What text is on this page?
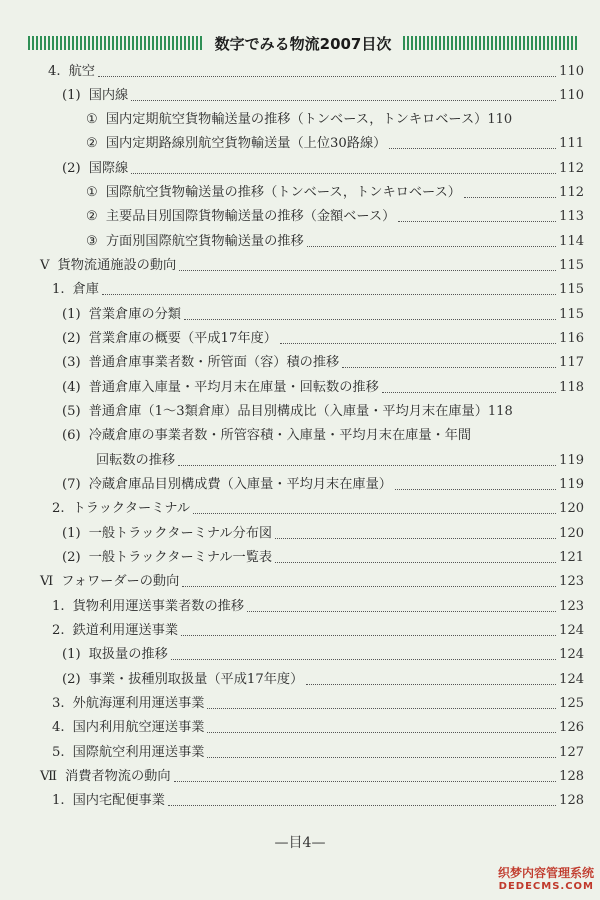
数字でみる物流2007目次
4. 航空	110
(1) 国内線	110
① 国内定期航空貨物輸送量の推移（トンベース，トンキロベース） 110
② 国内定期路線別航空貨物輸送量（上位30路線）	111
(2) 国際線	112
① 国際航空貨物輸送量の推移（トンベース，トンキロベース）	112
② 主要品目別国際貨物輸送量の推移（金額ベース）	113
③ 方面別国際航空貨物輸送量の推移	114
Ⅴ 貨物流通施設の動向	115
1. 倉庫	115
(1) 営業倉庫の分類	115
(2) 営業倉庫の概要（平成17年度）	116
(3) 普通倉庫事業者数・所管面（容）積の推移	117
(4) 普通倉庫入庫量・平均月末在庫量・回転数の推移	118
(5) 普通倉庫（1～3類倉庫）品目別構成比（入庫量・平均月末在庫量） 118
(6) 冷蔵倉庫の事業者数・所管容積・入庫量・平均月末在庫量・年間
回転数の推移	119
(7) 冷蔵倉庫品目別構成費（入庫量・平均月末在庫量）	119
2. トラックターミナル	120
(1) 一般トラックターミナル分布図	120
(2) 一般トラックターミナル一覧表	121
Ⅵ フォワーダーの動向	123
1. 貨物利用運送事業者数の推移	123
2. 鉄道利用運送事業	124
(1) 取扱量の推移	124
(2) 事業・拔種別取扱量（平成17年度）	124
3. 外航海運利用運送事業	125
4. 国内利用航空運送事業	126
5. 国際航空利用運送事業	127
Ⅶ 消費者物流の動向	128
1. 国内宅配便事業	128
—目4—
织梦内容管理系统
DEDECMS.COM
